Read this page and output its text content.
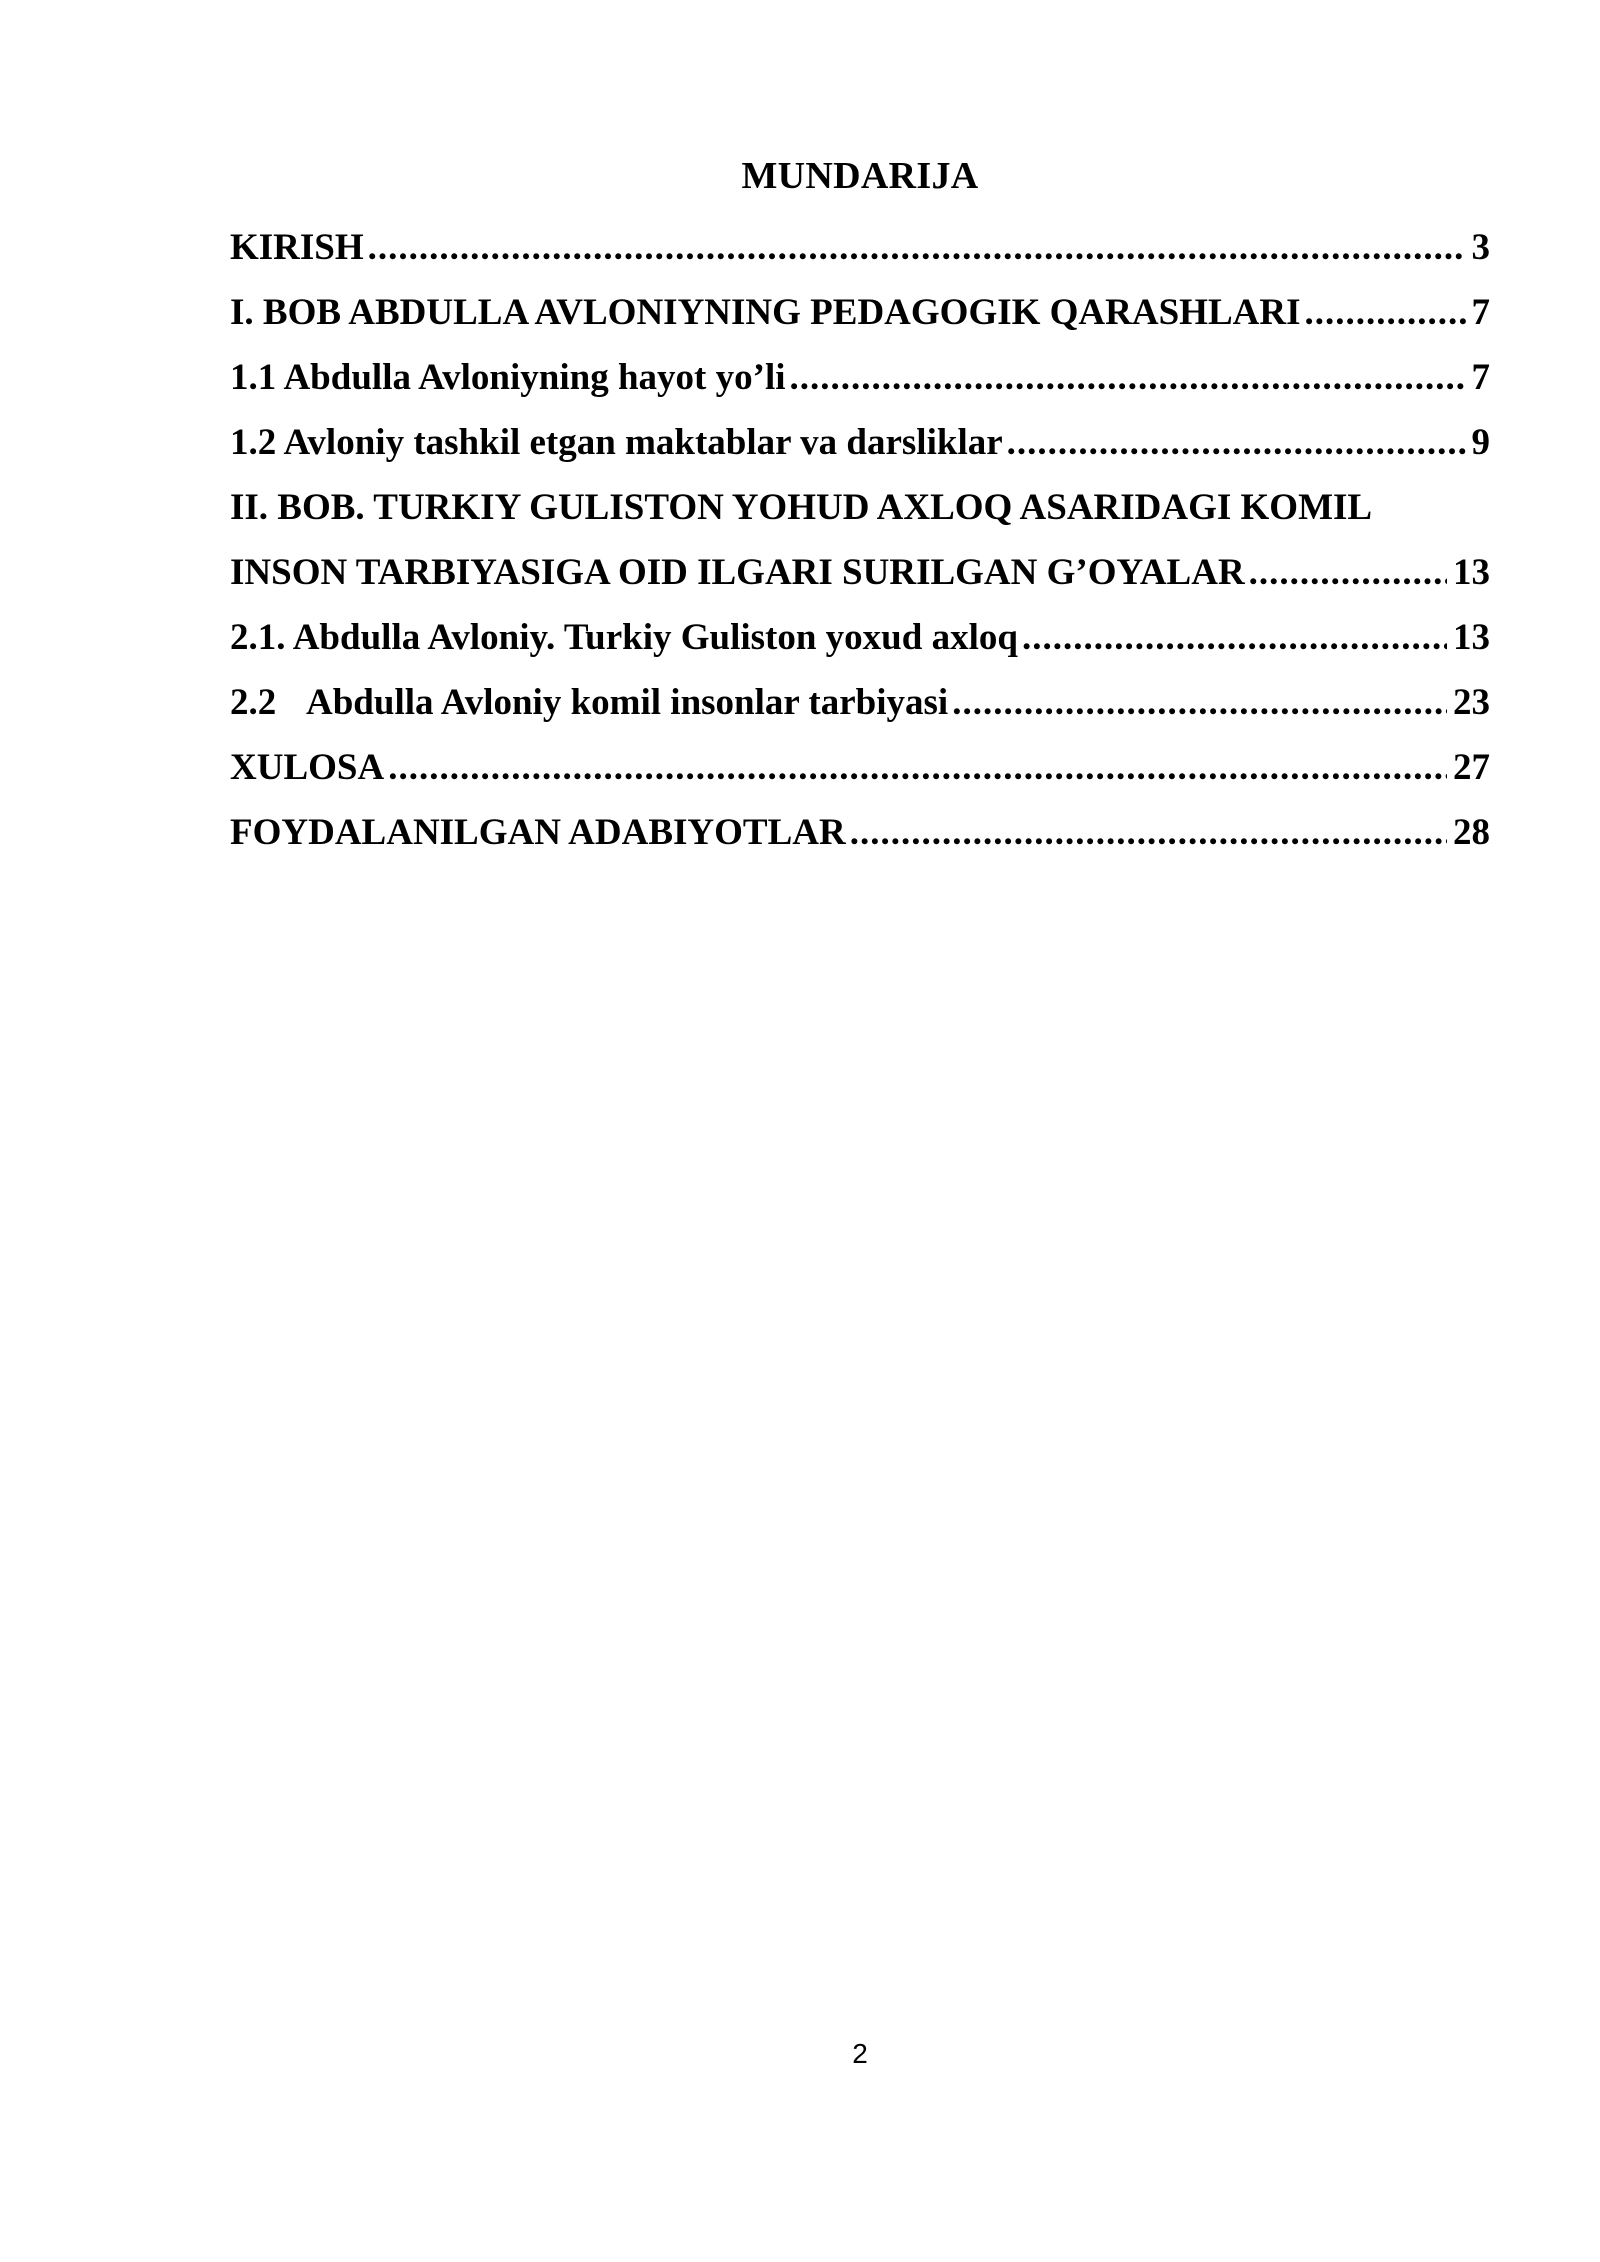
MUNDARIJA
KIRISH .....	3
I. BOB ABDULLA AVLONIYNING PEDAGOGIK QARASHLARI .....	7
1.1 Abdulla Avloniyning hayot yo’li .....	7
1.2 Avloniy tashkil etgan maktablar va darsliklar .....	9
II. BOB. TURKIY GULISTON YOHUD AXLOQ ASARIDAGI KOMIL
INSON TARBIYASIGA OID ILGARI SURILGAN G’OYALAR .....	13
2.1. Abdulla Avloniy. Turkiy Guliston yoxud axloq .....	13
2.2 Abdulla Avloniy komil insonlar tarbiyasi .....	23
XULOSA .....	27
FOYDALANILGAN ADABIYOTLAR .....	28
2
